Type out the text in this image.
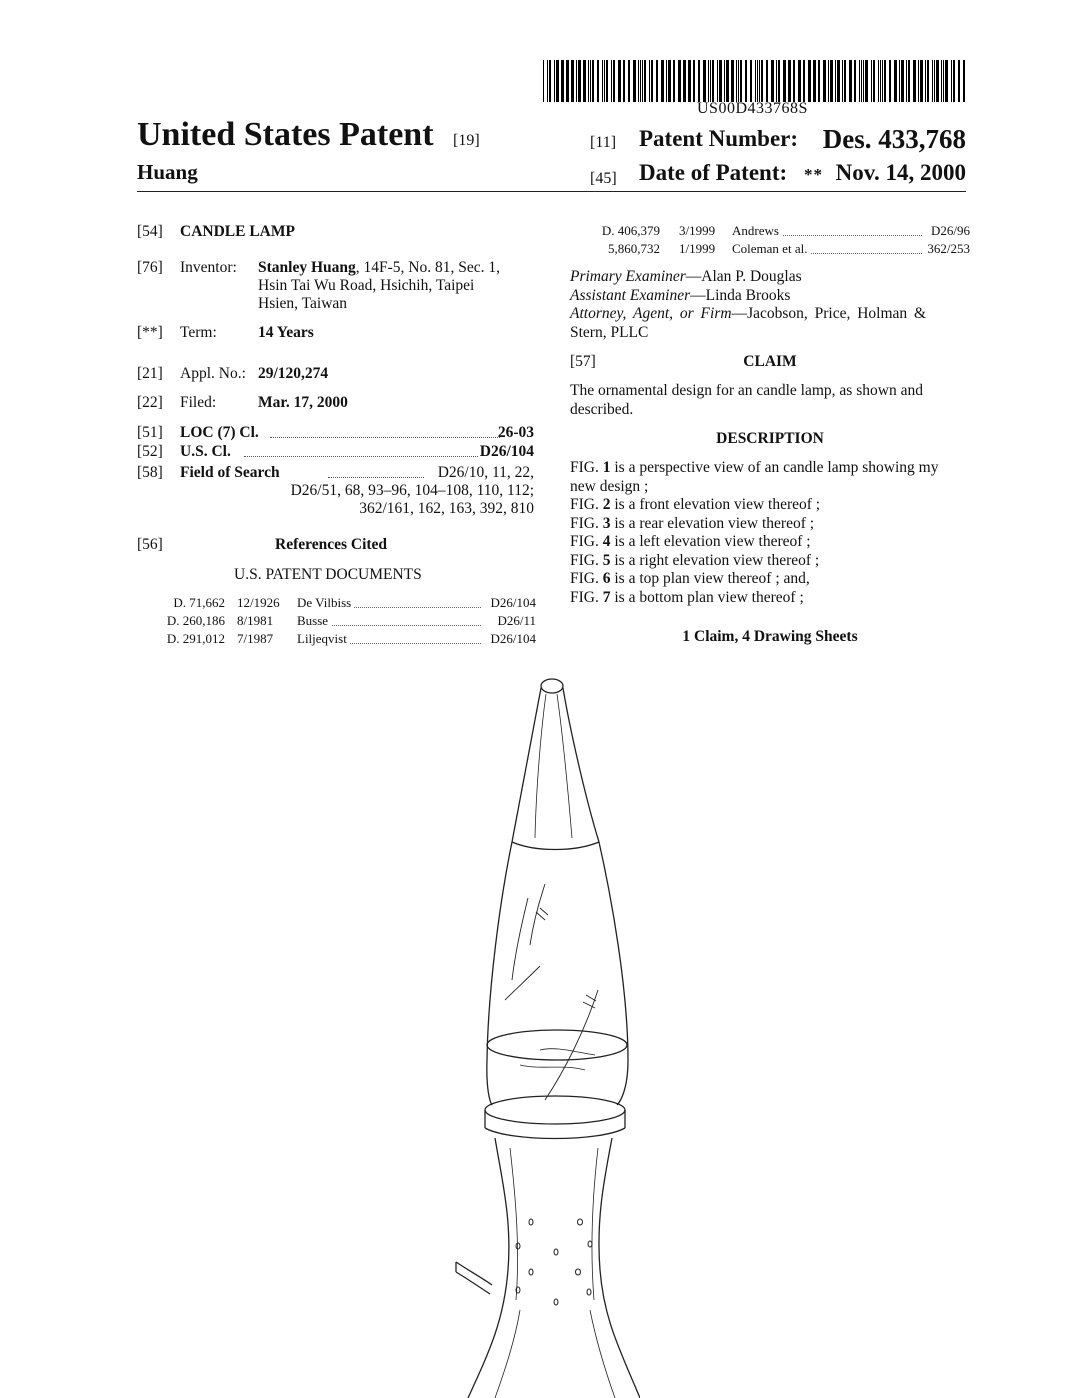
US00D433768S
United States Patent [19]
Huang
[11] Patent Number: Des. 433,768
[45] Date of Patent: ** Nov. 14, 2000
[54] CANDLE LAMP
[76] Inventor: Stanley Huang, 14F-5, No. 81, Sec. 1,
Hsin Tai Wu Road, Hsichih, Taipei
Hsien, Taiwan
[**] Term:	14 Years
[21] Appl. No.: 29/120,274
[22] Filed:	Mar. 17, 2000
[51] LOC (7) Cl.	26-03
[52] U.S. Cl.	D26/104
[58] Field of Search	D26/10, 11, 22,
D26/51, 68, 93–96, 104–108, 110, 112;
362/161, 162, 163, 392, 810
[56]	References Cited
U.S. PATENT DOCUMENTS
D. 71,662 12/1926 De Vilbiss	D26/104
D. 260,186 8/1981 Busse	D26/11
D. 291,012 7/1987 Liljeqvist	D26/104
D. 406,379 3/1999 Andrews	D26/96
5,860,732 1/1999 Coleman et al.	362/253
Primary Examiner—Alan P. Douglas
Assistant Examiner—Linda Brooks
Attorney, Agent, or Firm—Jacobson, Price, Holman &
Stern, PLLC
[57]	CLAIM
The ornamental design for an candle lamp, as shown and
described.
DESCRIPTION
FIG. 1 is a perspective view of an candle lamp showing my
new design ;
FIG. 2 is a front elevation view thereof ;
FIG. 3 is a rear elevation view thereof ;
FIG. 4 is a left elevation view thereof ;
FIG. 5 is a right elevation view thereof ;
FIG. 6 is a top plan view thereof ; and,
FIG. 7 is a bottom plan view thereof ;
1 Claim, 4 Drawing Sheets
